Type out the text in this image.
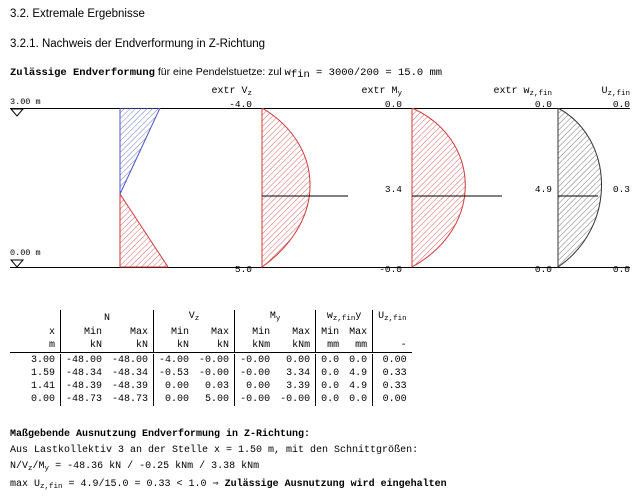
3.2. Extremale Ergebnisse
3.2.1. Nachweis der Endverformung in Z-Richtung
Zulässige Endverformung für eine Pendelstuetze: zul $w_{fin} = 3000/200 = 15.0$ mm
3.00 m
0.00 m
extr $V_z$
-4.0
5.0
extr $M_y$
0.0
3.4
-0.0
extr $w_{z,fin}$
0.0
4.9
0.0
$U_{z,fin}$
0.0
0.3
0.0

	N		$V_z$		$M_y$		$w_{z,fin}y$		$U_{z,fin}$
x	Min	Max	Min	Max	Min	Max	Min	Max	
m	kN	kN	kN	kN	kNm	kNm	mm	mm	-

3.00	-48.00	-48.00	-4.00	-0.00	-0.00	0.00	0.0	0.0	0.00
1.59	-48.34	-48.34	-0.53	-0.00	-0.00	3.34	0.0	4.9	0.33
1.41	-48.39	-48.39	0.00	0.03	0.00	3.39	0.0	4.9	0.33
0.00	-48.73	-48.73	0.00	5.00	-0.00	-0.00	0.0	0.0	0.00

Maßgebende Ausnutzung Endverformung in Z-Richtung:
Aus Lastkollektiv 3 an der Stelle x = 1.50 m, mit den Schnittgrößen:
$N/V_z/M_y = -48.36$ kN / -0.25 kNm / 3.38 kNm
$\max U_{z,fin} = 4.9/15.0 = 0.33 < 1.0$ ⇒ Zulässige Ausnutzung wird eingehalten
